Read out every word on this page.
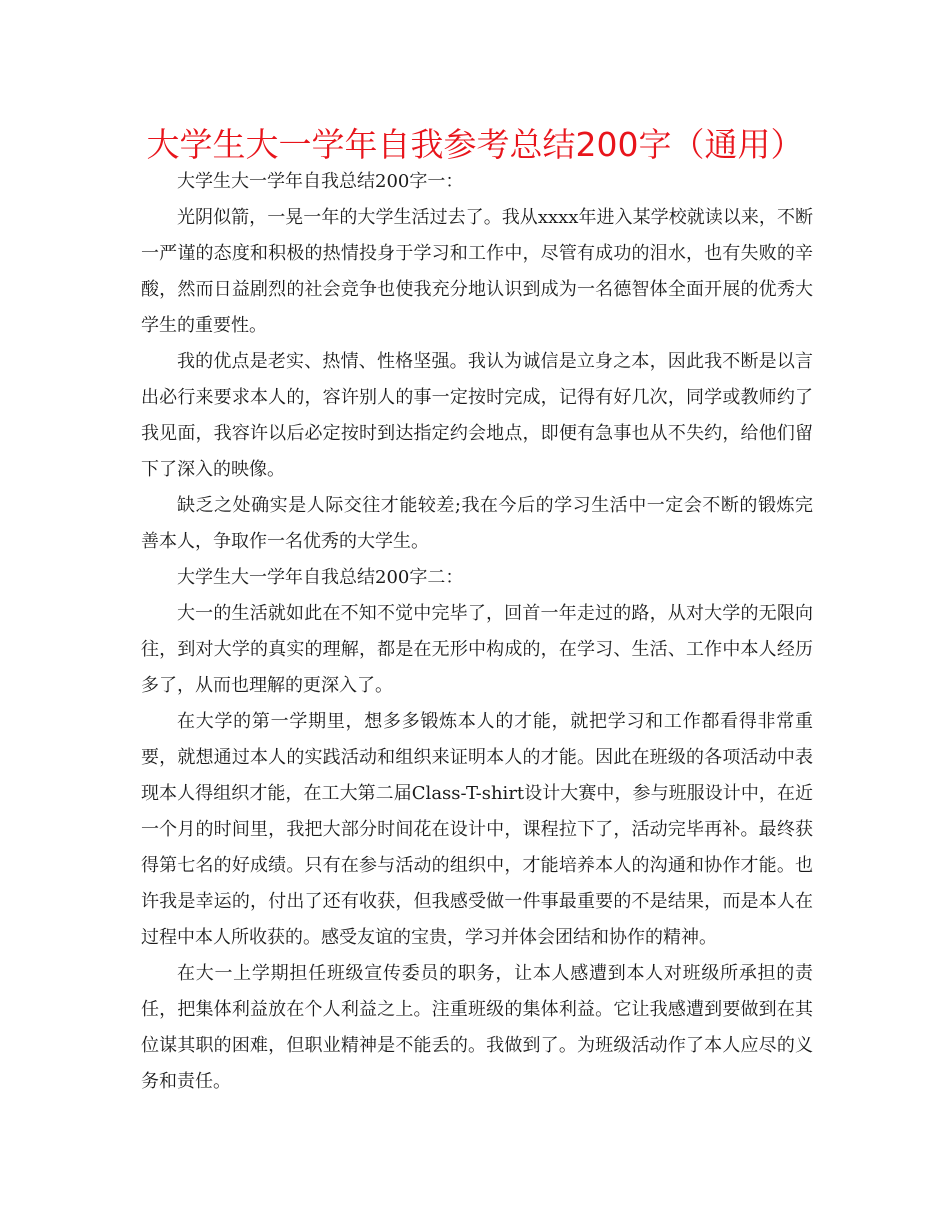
大学生大一学年自我参考总结200字（通用）

大学生大一学年自我总结200字一：

光阴似箭，一晃一年的大学生活过去了。我从xxxx年进入某学校就读以来，不断一严谨的态度和积极的热情投身于学习和工作中，尽管有成功的泪水，也有失败的辛酸，然而日益剧烈的社会竞争也使我充分地认识到成为一名德智体全面开展的优秀大学生的重要性。

我的优点是老实、热情、性格坚强。我认为诚信是立身之本，因此我不断是以言出必行来要求本人的，容许别人的事一定按时完成，记得有好几次，同学或教师约了我见面，我容许以后必定按时到达指定约会地点，即便有急事也从不失约，给他们留下了深入的映像。

缺乏之处确实是人际交往才能较差;我在今后的学习生活中一定会不断的锻炼完善本人，争取作一名优秀的大学生。

大学生大一学年自我总结200字二：

大一的生活就如此在不知不觉中完毕了，回首一年走过的路，从对大学的无限向往，到对大学的真实的理解，都是在无形中构成的，在学习、生活、工作中本人经历多了，从而也理解的更深入了。

在大学的第一学期里，想多多锻炼本人的才能，就把学习和工作都看得非常重要，就想通过本人的实践活动和组织来证明本人的才能。因此在班级的各项活动中表现本人得组织才能，在工大第二届Class-T-shirt设计大赛中，参与班服设计中，在近一个月的时间里，我把大部分时间花在设计中，课程拉下了，活动完毕再补。最终获得第七名的好成绩。只有在参与活动的组织中，才能培养本人的沟通和协作才能。也许我是幸运的，付出了还有收获，但我感受做一件事最重要的不是结果，而是本人在过程中本人所收获的。感受友谊的宝贵，学习并体会团结和协作的精神。

在大一上学期担任班级宣传委员的职务，让本人感遭到本人对班级所承担的责任，把集体利益放在个人利益之上。注重班级的集体利益。它让我感遭到要做到在其位谋其职的困难，但职业精神是不能丢的。我做到了。为班级活动作了本人应尽的义务和责任。
